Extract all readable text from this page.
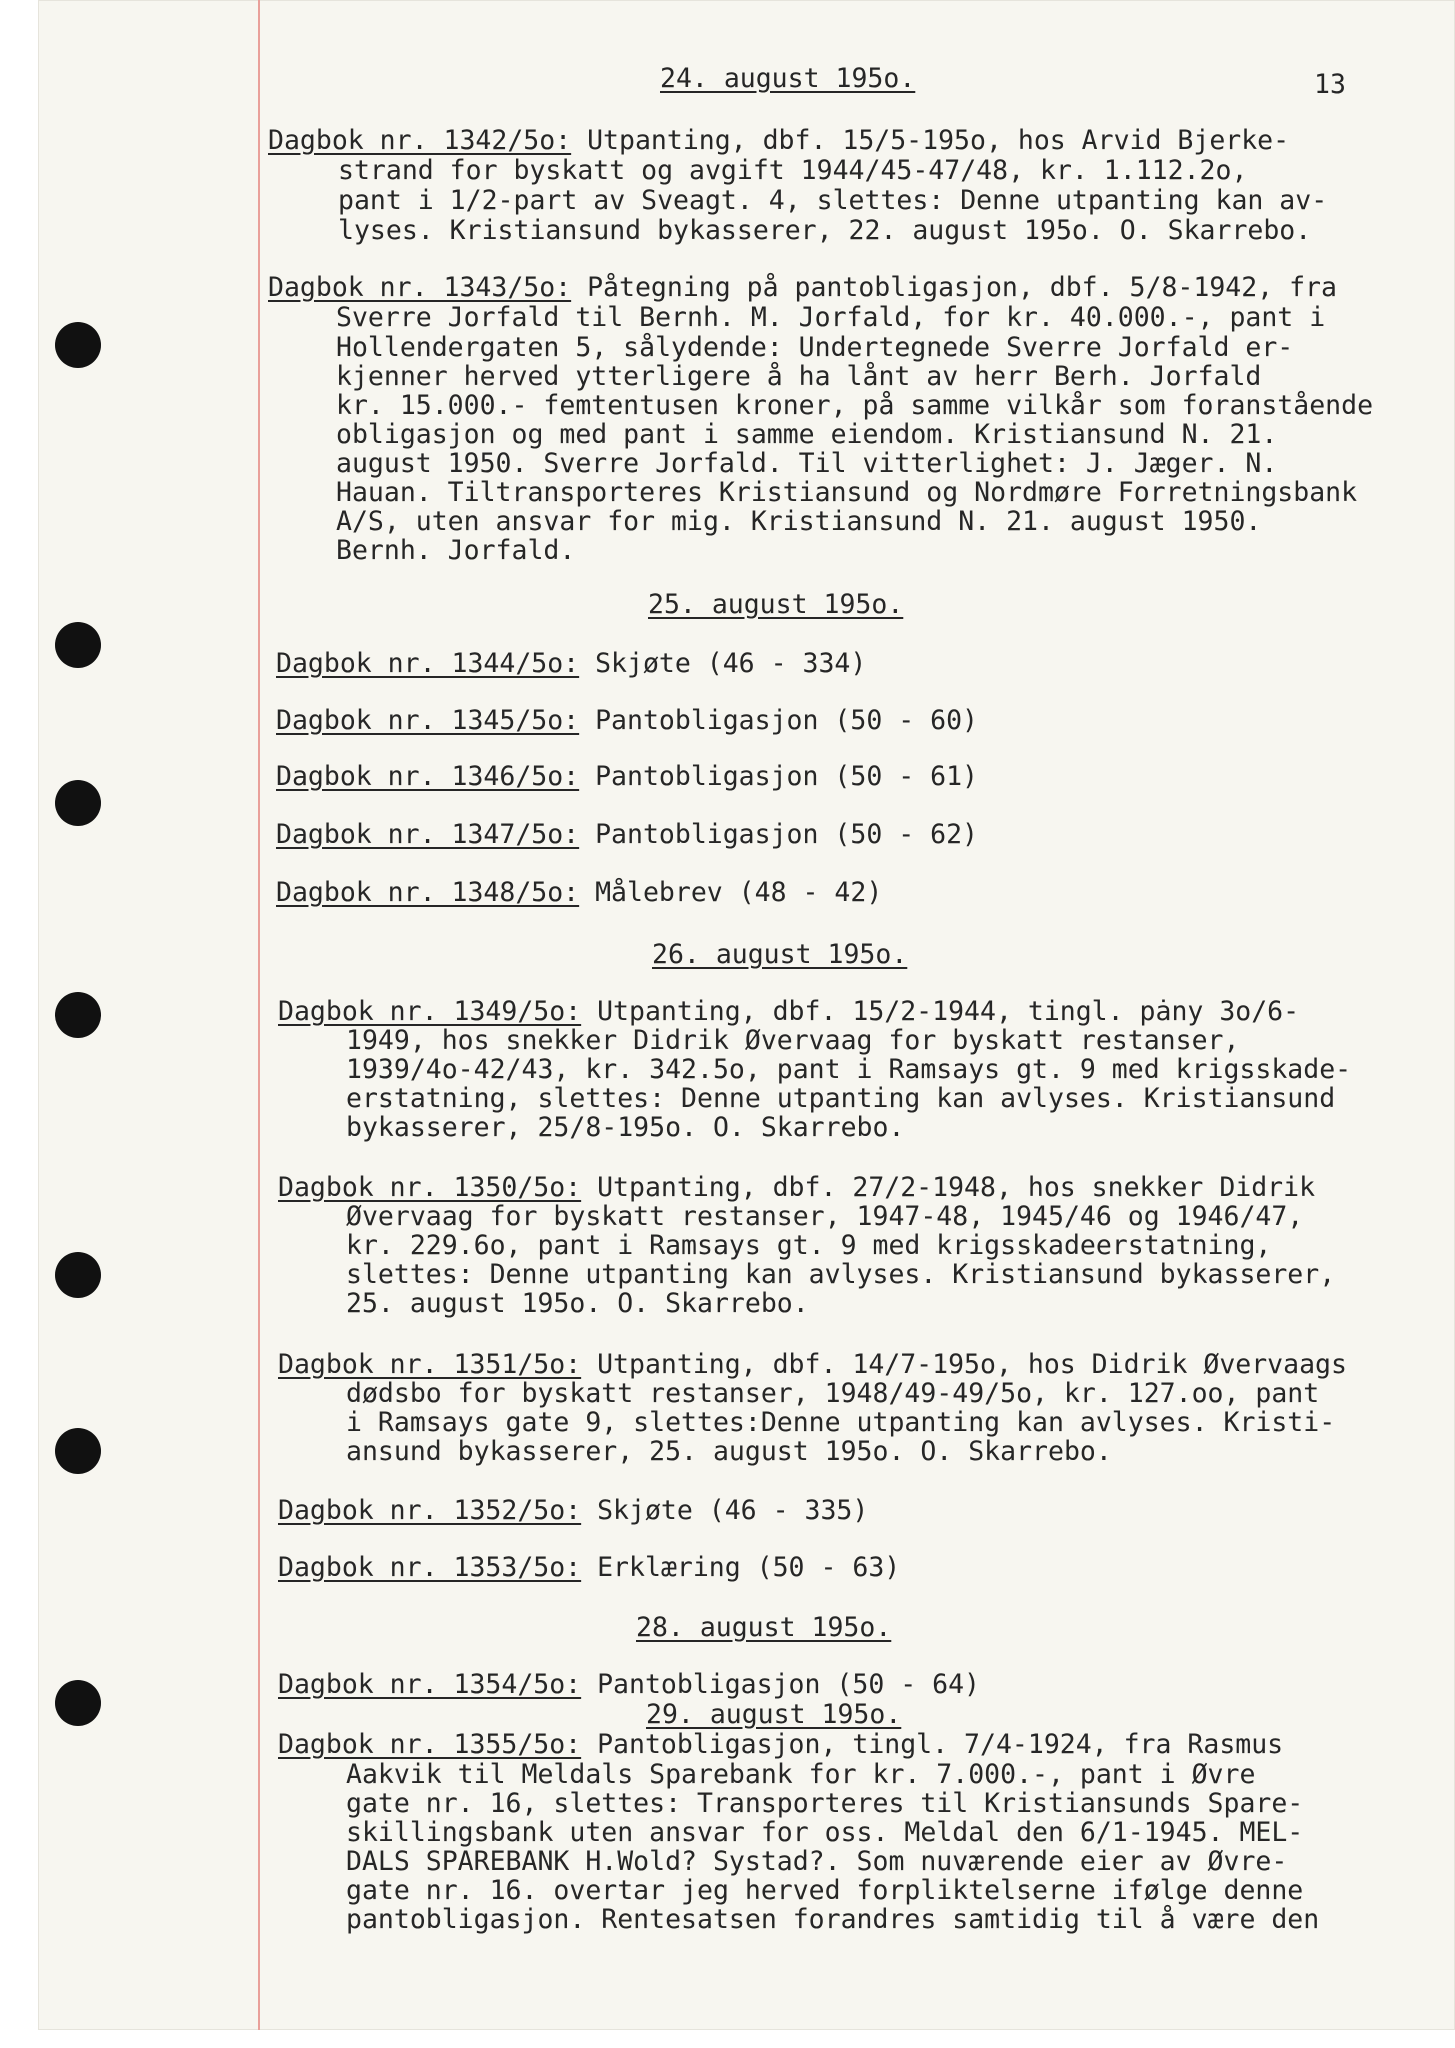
13
24. august 195o.
Dagbok nr. 1342/5o: Utpanting, dbf. 15/5-195o, hos Arvid Bjerke-
strand for byskatt og avgift 1944/45-47/48, kr. 1.112.2o,
pant i 1/2-part av Sveagt. 4, slettes: Denne utpanting kan av-
lyses. Kristiansund bykasserer, 22. august 195o. O. Skarrebo.
Dagbok nr. 1343/5o: Påtegning på pantobligasjon, dbf. 5/8-1942, fra
Sverre Jorfald til Bernh. M. Jorfald, for kr. 40.000.-, pant i
Hollendergaten 5, sålydende: Undertegnede Sverre Jorfald er-
kjenner herved ytterligere å ha lånt av herr Berh. Jorfald
kr. 15.000.- femtentusen kroner, på samme vilkår som foranstående
obligasjon og med pant i samme eiendom. Kristiansund N. 21.
august 1950. Sverre Jorfald. Til vitterlighet: J. Jæger. N.
Hauan. Tiltransporteres Kristiansund og Nordmøre Forretningsbank
A/S, uten ansvar for mig. Kristiansund N. 21. august 1950.
Bernh. Jorfald.
25. august 195o.
Dagbok nr. 1344/5o: Skjøte (46 - 334)
Dagbok nr. 1345/5o: Pantobligasjon (50 - 60)
Dagbok nr. 1346/5o: Pantobligasjon (50 - 61)
Dagbok nr. 1347/5o: Pantobligasjon (50 - 62)
Dagbok nr. 1348/5o: Målebrev (48 - 42)
26. august 195o.
Dagbok nr. 1349/5o: Utpanting, dbf. 15/2-1944, tingl. pȧny 3o/6-
1949, hos snekker Didrik Øvervaag for byskatt restanser,
1939/4o-42/43, kr. 342.5o, pant i Ramsays gt. 9 med krigsskade-
erstatning, slettes: Denne utpanting kan avlyses. Kristiansund
bykasserer, 25/8-195o. O. Skarrebo.
Dagbok nr. 1350/5o: Utpanting, dbf. 27/2-1948, hos snekker Didrik
Øvervaag for byskatt restanser, 1947-48, 1945/46 og 1946/47,
kr. 229.6o, pant i Ramsays gt. 9 med krigsskadeerstatning,
slettes: Denne utpanting kan avlyses. Kristiansund bykasserer,
25. august 195o. O. Skarrebo.
Dagbok nr. 1351/5o: Utpanting, dbf. 14/7-195o, hos Didrik Øvervaags
dødsbo for byskatt restanser, 1948/49-49/5o, kr. 127.oo, pant
i Ramsays gate 9, slettes:Denne utpanting kan avlyses. Kristi-
ansund bykasserer, 25. august 195o. O. Skarrebo.
Dagbok nr. 1352/5o: Skjøte (46 - 335)
Dagbok nr. 1353/5o: Erklæring (50 - 63)
28. august 195o.
Dagbok nr. 1354/5o: Pantobligasjon (50 - 64)
29. august 195o.
Dagbok nr. 1355/5o: Pantobligasjon, tingl. 7/4-1924, fra Rasmus
Aakvik til Meldals Sparebank for kr. 7.000.-, pant i Øvre
gate nr. 16, slettes: Transporteres til Kristiansunds Spare-
skillingsbank uten ansvar for oss. Meldal den 6/1-1945. MEL-
DALS SPAREBANK H.Wold? Systad?. Som nuværende eier av Øvre-
gate nr. 16. overtar jeg herved forpliktelserne ifølge denne
pantobligasjon. Rentesatsen forandres samtidig til å være den
